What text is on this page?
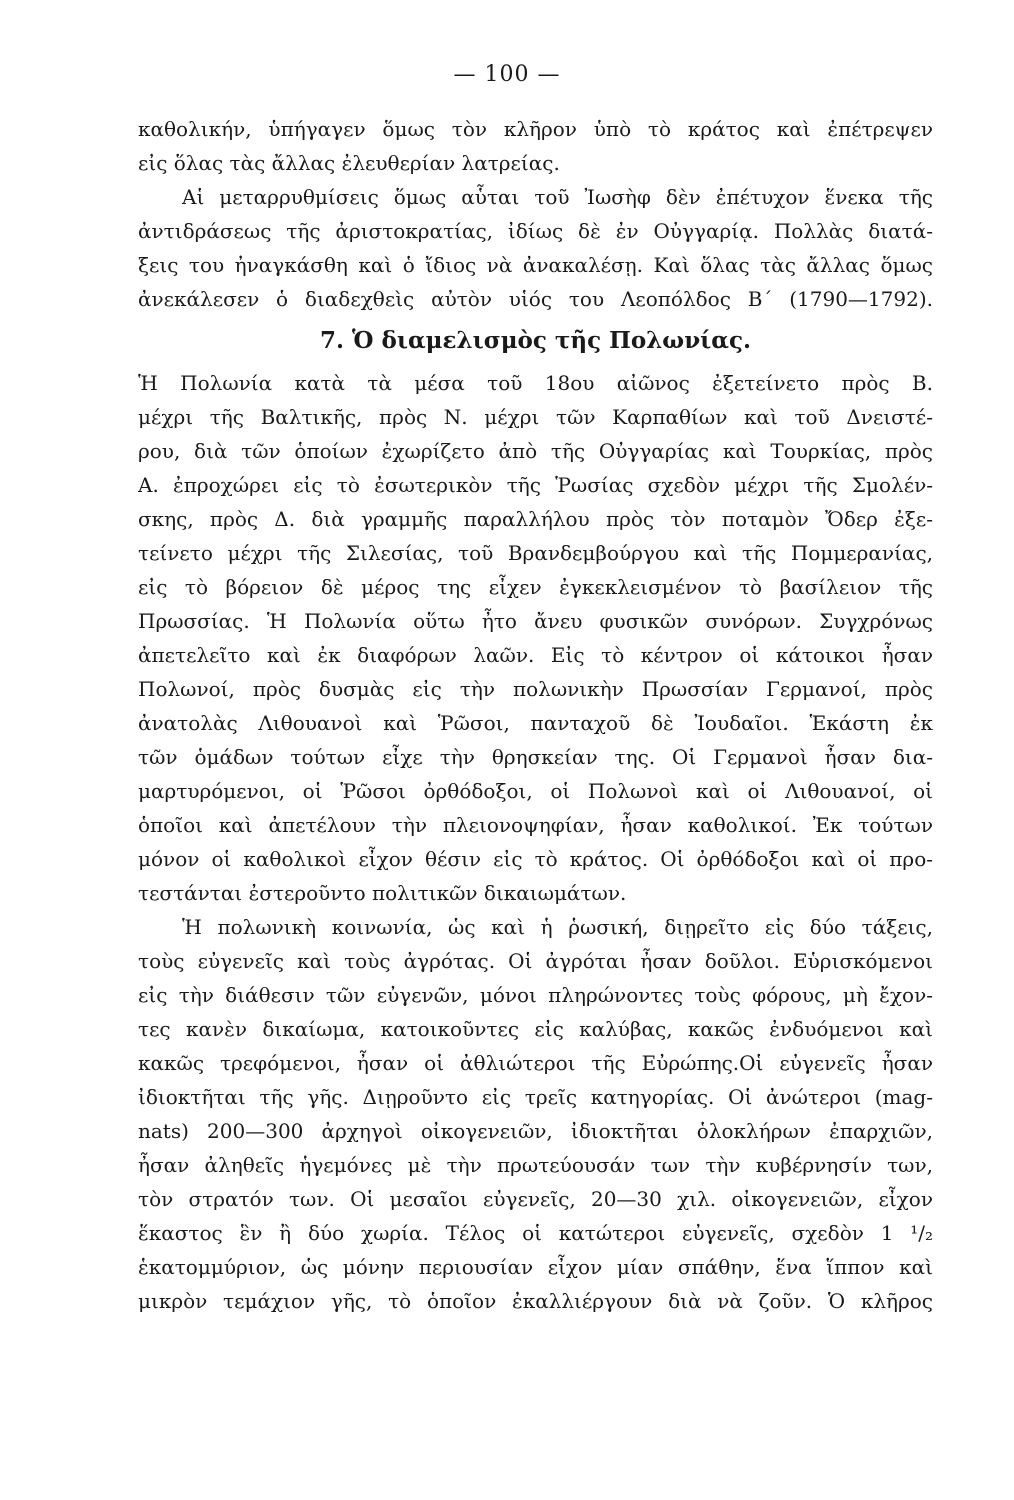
— 100 —
καθολικήν, ὑπήγαγεν ὅμως τὸν κλῆρον ὑπὸ τὸ κράτος καὶ ἐπέτρεψεν
εἰς ὅλας τὰς ἄλλας ἐλευθερίαν λατρείας.
Αἱ μεταρρυθμίσεις ὅμως αὗται τοῦ Ἰωσὴφ δὲν ἐπέτυχον ἕνεκα τῆς
ἀντιδράσεως τῆς ἀριστοκρατίας, ἰδίως δὲ ἐν Οὐγγαρίᾳ. Πολλὰς διατά-
ξεις του ἠναγκάσθη καὶ ὁ ἴδιος νὰ ἀνακαλέσῃ. Καὶ ὅλας τὰς ἄλλας ὅμως
ἀνεκάλεσεν ὁ διαδεχθεὶς αὐτὸν υἱός του Λεοπόλδος Β΄ (1790—1792).
7. Ὁ διαμελισμὸς τῆς Πολωνίας.
Ἡ Πολωνία κατὰ τὰ μέσα τοῦ 18ου αἰῶνος ἐξετείνετο πρὸς Β.
μέχρι τῆς Βαλτικῆς, πρὸς Ν. μέχρι τῶν Καρπαθίων καὶ τοῦ Δνειστέ-
ρου, διὰ τῶν ὁποίων ἐχωρίζετο ἀπὸ τῆς Οὐγγαρίας καὶ Τουρκίας, πρὸς
Α. ἐπροχώρει εἰς τὸ ἐσωτερικὸν τῆς Ῥωσίας σχεδὸν μέχρι τῆς Σμολέν-
σκης, πρὸς Δ. διὰ γραμμῆς παραλλήλου πρὸς τὸν ποταμὸν Ὄδερ ἐξε-
τείνετο μέχρι τῆς Σιλεσίας, τοῦ Βρανδεμβούργου καὶ τῆς Πομμερανίας,
εἰς τὸ βόρειον δὲ μέρος της εἶχεν ἐγκεκλεισμένον τὸ βασίλειον τῆς
Πρωσσίας. Ἡ Πολωνία οὕτω ἦτο ἄνευ φυσικῶν συνόρων. Συγχρόνως
ἀπετελεῖτο καὶ ἐκ διαφόρων λαῶν. Εἰς τὸ κέντρον οἱ κάτοικοι ἦσαν
Πολωνοί, πρὸς δυσμὰς εἰς τὴν πολωνικὴν Πρωσσίαν Γερμανοί, πρὸς
ἀνατολὰς Λιθουανοὶ καὶ Ῥῶσοι, πανταχοῦ δὲ Ἰουδαῖοι. Ἑκάστη ἐκ
τῶν ὁμάδων τούτων εἶχε τὴν θρησκείαν της. Οἱ Γερμανοὶ ἦσαν δια-
μαρτυρόμενοι, οἱ Ῥῶσοι ὀρθόδοξοι, οἱ Πολωνοὶ καὶ οἱ Λιθουανοί, οἱ
ὁποῖοι καὶ ἀπετέλουν τὴν πλειονοψηφίαν, ἦσαν καθολικοί. Ἐκ τούτων
μόνον οἱ καθολικοὶ εἶχον θέσιν εἰς τὸ κράτος. Οἱ ὀρθόδοξοι καὶ οἱ προ-
τεστάνται ἐστεροῦντο πολιτικῶν δικαιωμάτων.
Ἡ πολωνικὴ κοινωνία, ὡς καὶ ἡ ῥωσική, διῃρεῖτο εἰς δύο τάξεις,
τοὺς εὐγενεῖς καὶ τοὺς ἀγρότας. Οἱ ἀγρόται ἦσαν δοῦλοι. Εὑρισκόμενοι
εἰς τὴν διάθεσιν τῶν εὐγενῶν, μόνοι πληρώνοντες τοὺς φόρους, μὴ ἔχον-
τες κανὲν δικαίωμα, κατοικοῦντες εἰς καλύβας, κακῶς ἐνδυόμενοι καὶ
κακῶς τρεφόμενοι, ἦσαν οἱ ἀθλιώτεροι τῆς Εὐρώπης.Οἱ εὐγενεῖς ἦσαν
ἰδιοκτῆται τῆς γῆς. Διῃροῦντο εἰς τρεῖς κατηγορίας. Οἱ ἀνώτεροι (mag-
nats) 200—300 ἀρχηγοὶ οἰκογενειῶν, ἰδιοκτῆται ὁλοκλήρων ἐπαρχιῶν,
ἦσαν ἀληθεῖς ἡγεμόνες μὲ τὴν πρωτεύουσάν των τὴν κυβέρνησίν των,
τὸν στρατόν των. Οἱ μεσαῖοι εὐγενεῖς, 20—30 χιλ. οἰκογενειῶν, εἶχον
ἕκαστος ἓν ἢ δύο χωρία. Τέλος οἱ κατώτεροι εὐγενεῖς, σχεδὸν 1 ¹/₂
ἑκατομμύριον, ὡς μόνην περιουσίαν εἶχον μίαν σπάθην, ἕνα ἵππον καὶ
μικρὸν τεμάχιον γῆς, τὸ ὁποῖον ἐκαλλιέργουν διὰ νὰ ζοῦν. Ὁ κλῆρος
